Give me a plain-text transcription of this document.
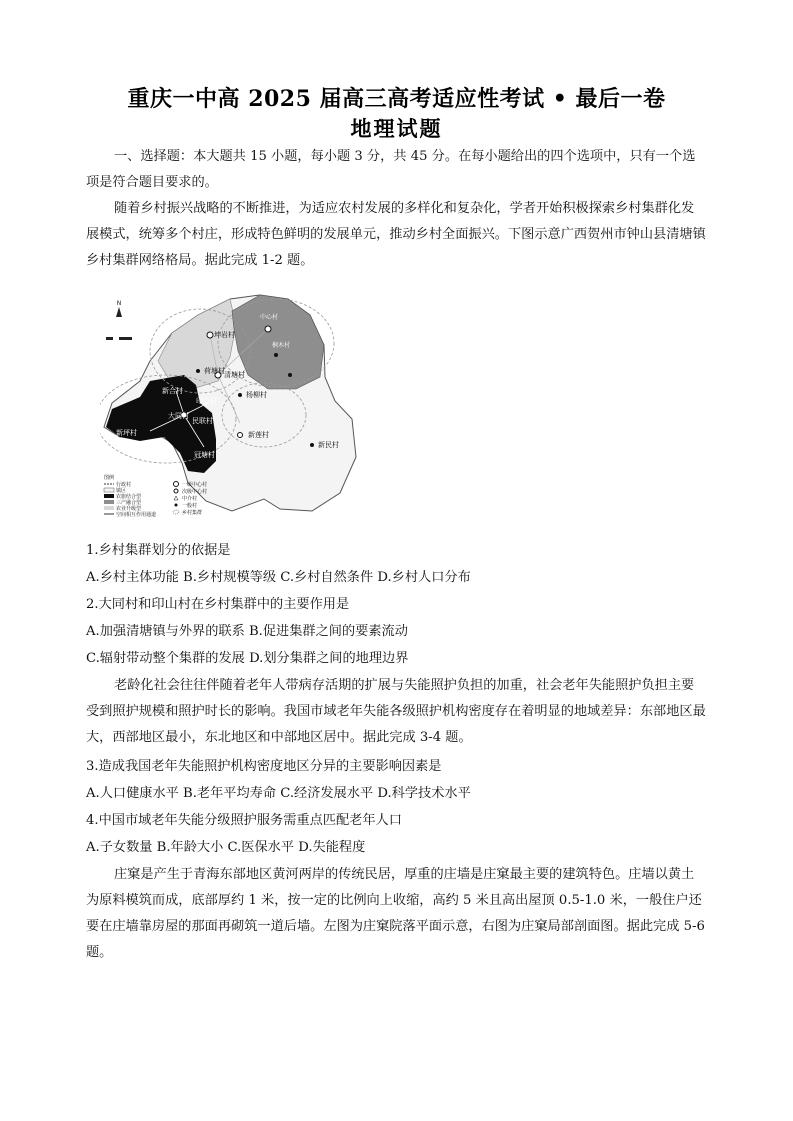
重庆一中高 2025 届高三高考适应性考试 • 最后一卷
地理试题
一、选择题：本大题共 15 小题，每小题 3 分，共 45 分。在每小题给出的四个选项中，只有一个选项是符合题目要求的。
随着乡村振兴战略的不断推进，为适应农村发展的多样化和复杂化，学者开始积极探索乡村集群化发展模式，统筹多个村庄，形成特色鲜明的发展单元，推动乡村全面振兴。下图示意广西贺州市钟山县清塘镇乡村集群网络格局。据此完成 1-2 题。
N
坤岩村
荷塘村 清塘村
杨柳村
新莲村
新民村
新合村
印山村
大同村
民联村
新坪村
冠塘村
中心村
桐木村
图例
行政村
镇区
农旅结合型
三产融合型
农业升级型
空间相互作用通道
一级中心村
次级中心村
中介村
一般村
乡村集群
1.乡村集群划分的依据是
A.乡村主体功能 B.乡村规模等级 C.乡村自然条件 D.乡村人口分布
2.大同村和印山村在乡村集群中的主要作用是
A.加强清塘镇与外界的联系 B.促进集群之间的要素流动
C.辐射带动整个集群的发展 D.划分集群之间的地理边界
老龄化社会往往伴随着老年人带病存活期的扩展与失能照护负担的加重，社会老年失能照护负担主要受到照护规模和照护时长的影响。我国市域老年失能各级照护机构密度存在着明显的地域差异：东部地区最大，西部地区最小，东北地区和中部地区居中。据此完成 3-4 题。
3.造成我国老年失能照护机构密度地区分异的主要影响因素是
A.人口健康水平 B.老年平均寿命 C.经济发展水平 D.科学技术水平
4.中国市域老年失能分级照护服务需重点匹配老年人口
A.子女数量 B.年龄大小 C.医保水平 D.失能程度
庄窠是产生于青海东部地区黄河两岸的传统民居，厚重的庄墙是庄窠最主要的建筑特色。庄墙以黄土为原料模筑而成，底部厚约 1 米，按一定的比例向上收缩，高约 5 米且高出屋顶 0.5-1.0 米，一般住户还要在庄墙靠房屋的那面再砌筑一道后墙。左图为庄窠院落平面示意，右图为庄窠局部剖面图。据此完成 5-6 题。
